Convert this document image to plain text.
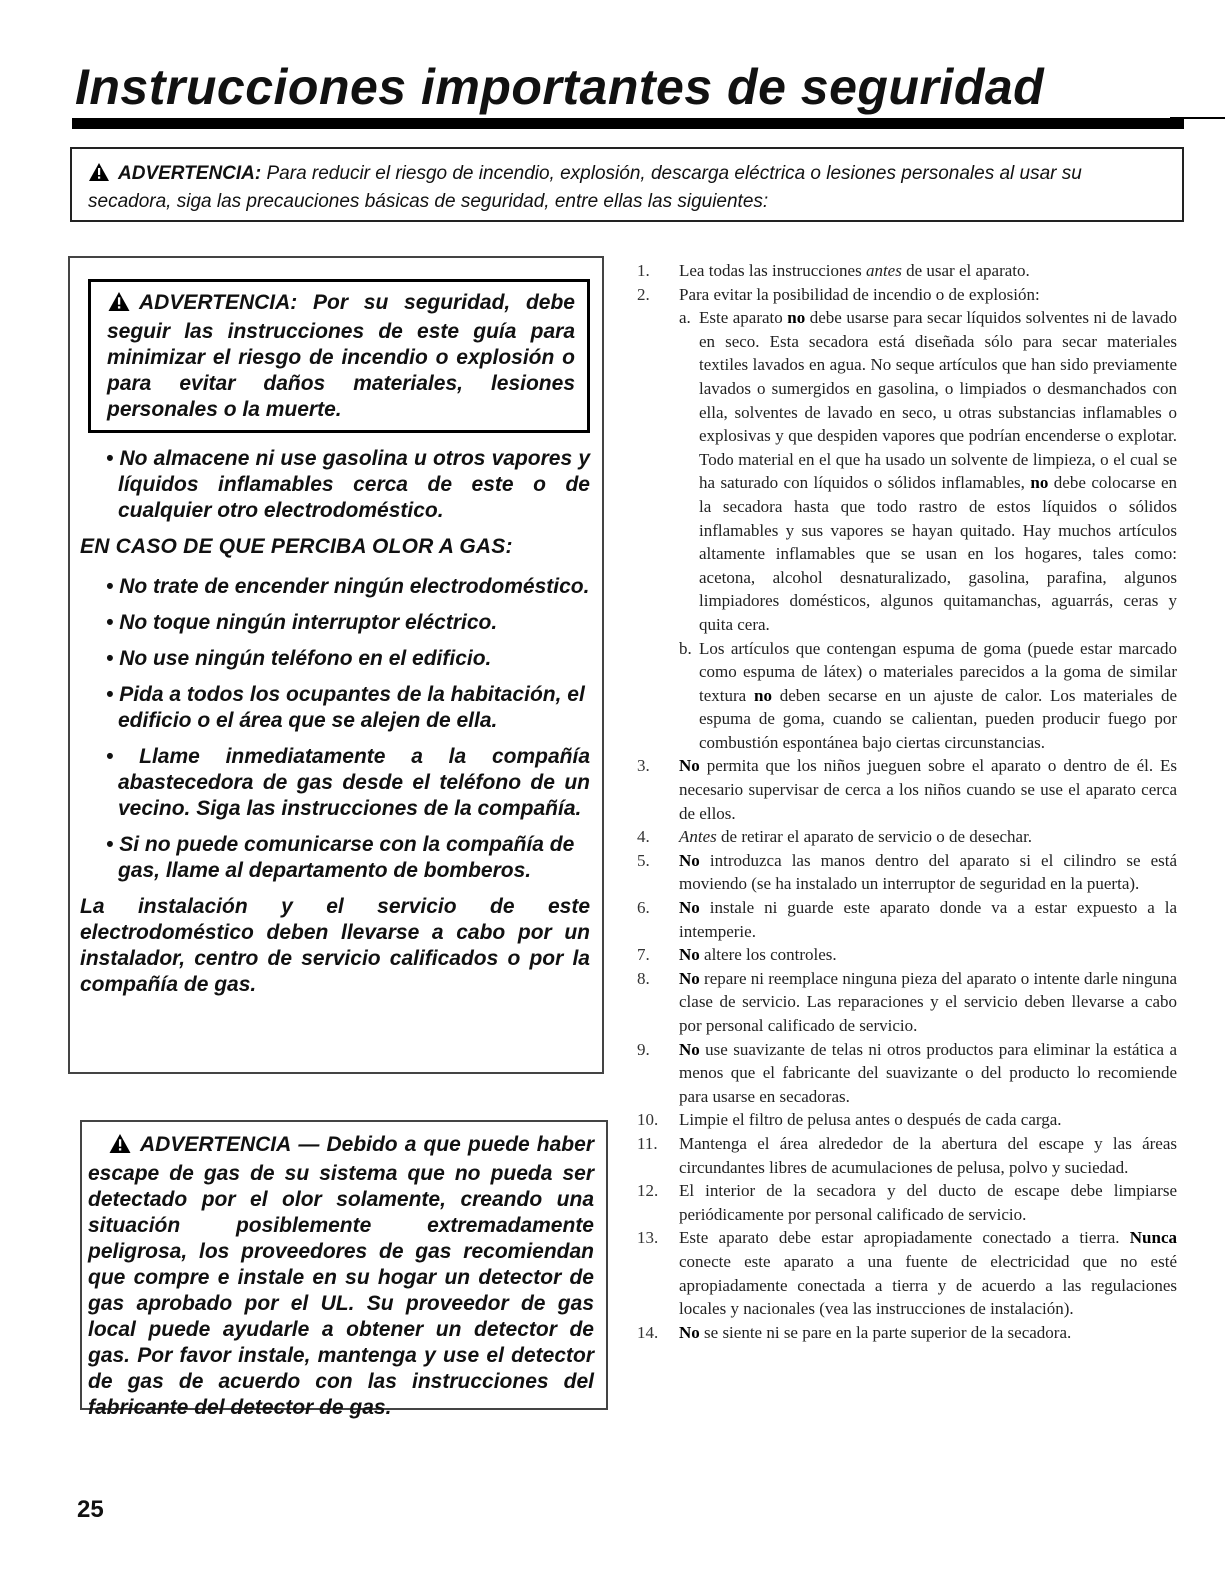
Instrucciones importantes de seguridad
ADVERTENCIA: Para reducir el riesgo de incendio, explosión, descarga eléctrica o lesiones personales al usar su secadora, siga las precauciones básicas de seguridad, entre ellas las siguientes:
ADVERTENCIA: Por su seguridad, debe seguir las instrucciones de este guía para minimizar el riesgo de incendio o explosión o para evitar daños materiales, lesiones personales o la muerte.
• No almacene ni use gasolina u otros vapores y líquidos inflamables cerca de este o de cualquier otro electrodoméstico.
EN CASO DE QUE PERCIBA OLOR A GAS:
• No trate de encender ningún electrodoméstico.
• No toque ningún interruptor eléctrico.
• No use ningún teléfono en el edificio.
• Pida a todos los ocupantes de la habitación, el edificio o el área que se alejen de ella.
• Llame inmediatamente a la compañía abastecedora de gas desde el teléfono de un vecino. Siga las instrucciones de la compañía.
• Si no puede comunicarse con la compañía de gas, llame al departamento de bomberos.
La instalación y el servicio de este electrodoméstico deben llevarse a cabo por un instalador, centro de servicio calificados o por la compañía de gas.
ADVERTENCIA — Debido a que puede haber escape de gas de su sistema que no pueda ser detectado por el olor solamente, creando una situación posiblemente extremadamente peligrosa, los proveedores de gas recomiendan que compre e instale en su hogar un detector de gas aprobado por el UL. Su proveedor de gas local puede ayudarle a obtener un detector de gas. Por favor instale, mantenga y use el detector de gas de acuerdo con las instrucciones del fabricante del detector de gas.
25
1.	Lea todas las instrucciones antes de usar el aparato.
2.	Para evitar la posibilidad de incendio o de explosión:
a. Este aparato no debe usarse para secar líquidos solventes ni de lavado en seco. Esta secadora está diseñada sólo para secar materiales textiles lavados en agua. No seque artículos que han sido previamente lavados o sumergidos en gasolina, o limpiados o desmanchados con ella, solventes de lavado en seco, u otras substancias inflamables o explosivas y que despiden vapores que podrían encenderse o explotar. Todo material en el que ha usado un solvente de limpieza, o el cual se ha saturado con líquidos o sólidos inflamables, no debe colocarse en la secadora hasta que todo rastro de estos líquidos o sólidos inflamables y sus vapores se hayan quitado. Hay muchos artículos altamente inflamables que se usan en los hogares, tales como: acetona, alcohol desnaturalizado, gasolina, parafina, algunos limpiadores domésticos, algunos quitamanchas, aguarrás, ceras y quita cera.
b. Los artículos que contengan espuma de goma (puede estar marcado como espuma de látex) o materiales parecidos a la goma de similar textura no deben secarse en un ajuste de calor. Los materiales de espuma de goma, cuando se calientan, pueden producir fuego por combustión espontánea bajo ciertas circunstancias.
3.	No permita que los niños jueguen sobre el aparato o dentro de él. Es necesario supervisar de cerca a los niños cuando se use el aparato cerca de ellos.
4.	Antes de retirar el aparato de servicio o de desechar.
5.	No introduzca las manos dentro del aparato si el cilindro se está moviendo (se ha instalado un interruptor de seguridad en la puerta).
6.	No instale ni guarde este aparato donde va a estar expuesto a la intemperie.
7.	No altere los controles.
8.	No repare ni reemplace ninguna pieza del aparato o intente darle ninguna clase de servicio. Las reparaciones y el servicio deben llevarse a cabo por personal calificado de servicio.
9.	No use suavizante de telas ni otros productos para eliminar la estática a menos que el fabricante del suavizante o del producto lo recomiende para usarse en secadoras.
10. Limpie el filtro de pelusa antes o después de cada carga.
11. Mantenga el área alrededor de la abertura del escape y las áreas circundantes libres de acumulaciones de pelusa, polvo y suciedad.
12. El interior de la secadora y del ducto de escape debe limpiarse periódicamente por personal calificado de servicio.
13. Este aparato debe estar apropiadamente conectado a tierra. Nunca conecte este aparato a una fuente de electricidad que no esté apropiadamente conectada a tierra y de acuerdo a las regulaciones locales y nacionales (vea las instrucciones de instalación).
14. No se siente ni se pare en la parte superior de la secadora.
